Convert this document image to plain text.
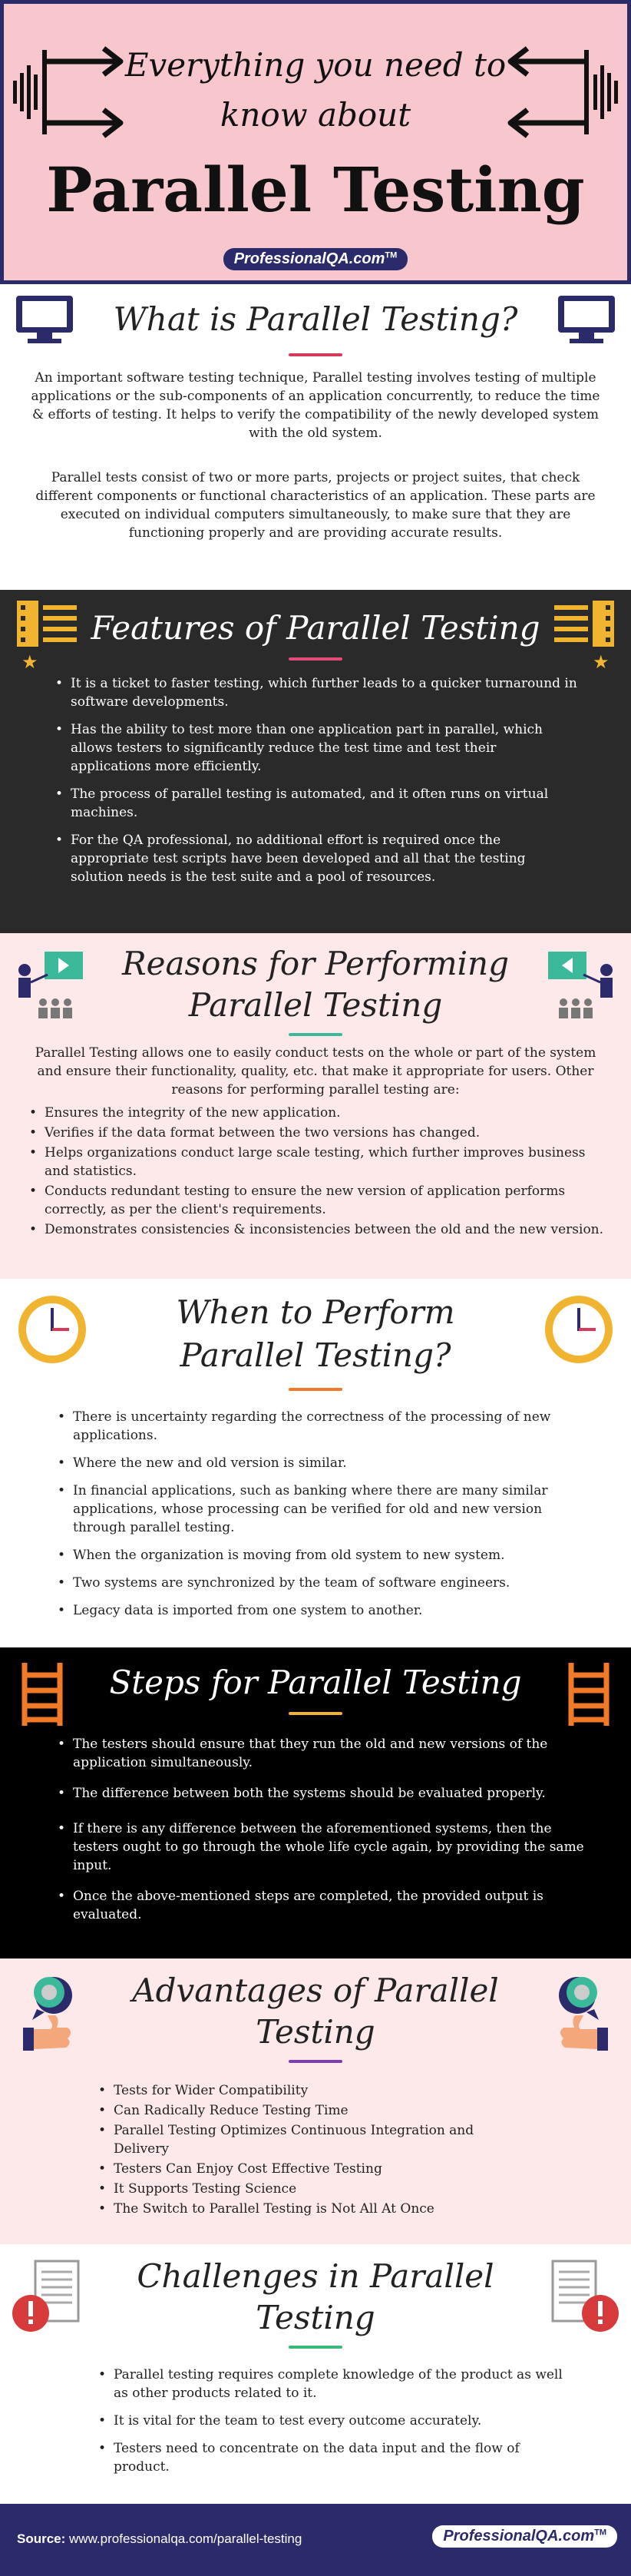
Everything you need to
know about
Parallel Testing
ProfessionalQA.com™
What is Parallel Testing?

An important software testing technique, Parallel testing involves testing of multiple applications or the sub-components of an application concurrently, to reduce the time & efforts of testing. It helps to verify the compatibility of the newly developed system with the old system.

Parallel tests consist of two or more parts, projects or project suites, that check different components or functional characteristics of an application. These parts are executed on individual computers simultaneously, to make sure that they are functioning properly and are providing accurate results.

★	★
Features of Parallel Testing
• It is a ticket to faster testing, which further leads to a quicker turnaround in software developments.
• Has the ability to test more than one application part in parallel, which allows testers to significantly reduce the test time and test their applications more efficiently.
• The process of parallel testing is automated, and it often runs on virtual machines.
• For the QA professional, no additional effort is required once the appropriate test scripts have been developed and all that the testing solution needs is the test suite and a pool of resources.
Reasons for Performing
Parallel Testing

Parallel Testing allows one to easily conduct tests on the whole or part of the system and ensure their functionality, quality, etc. that make it appropriate for users. Other reasons for performing parallel testing are:

• Ensures the integrity of the new application.
• Verifies if the data format between the two versions has changed.
• Helps organizations conduct large scale testing, which further improves business and statistics.
• Conducts redundant testing to ensure the new version of application performs correctly, as per the client's requirements.
• Demonstrates consistencies & inconsistencies between the old and the new version.
When to Perform
Parallel Testing?
• There is uncertainty regarding the correctness of the processing of new applications.
• Where the new and old version is similar.
• In financial applications, such as banking where there are many similar applications, whose processing can be verified for old and new version through parallel testing.
• When the organization is moving from old system to new system.
• Two systems are synchronized by the team of software engineers.
• Legacy data is imported from one system to another.
Steps for Parallel Testing
• The testers should ensure that they run the old and new versions of the application simultaneously.
• The difference between both the systems should be evaluated properly.
• If there is any difference between the aforementioned systems, then the testers ought to go through the whole life cycle again, by providing the same input.
• Once the above-mentioned steps are completed, the provided output is evaluated.
Advantages of Parallel
Testing
• Tests for Wider Compatibility
• Can Radically Reduce Testing Time
• Parallel Testing Optimizes Continuous Integration and Delivery
• Testers Can Enjoy Cost Effective Testing
• It Supports Testing Science
• The Switch to Parallel Testing is Not All At Once
Challenges in Parallel
Testing
• Parallel testing requires complete knowledge of the product as well as other products related to it.
• It is vital for the team to test every outcome accurately.
• Testers need to concentrate on the data input and the flow of product.
Source: www.professionalqa.com/parallel-testing	ProfessionalQA.com™
